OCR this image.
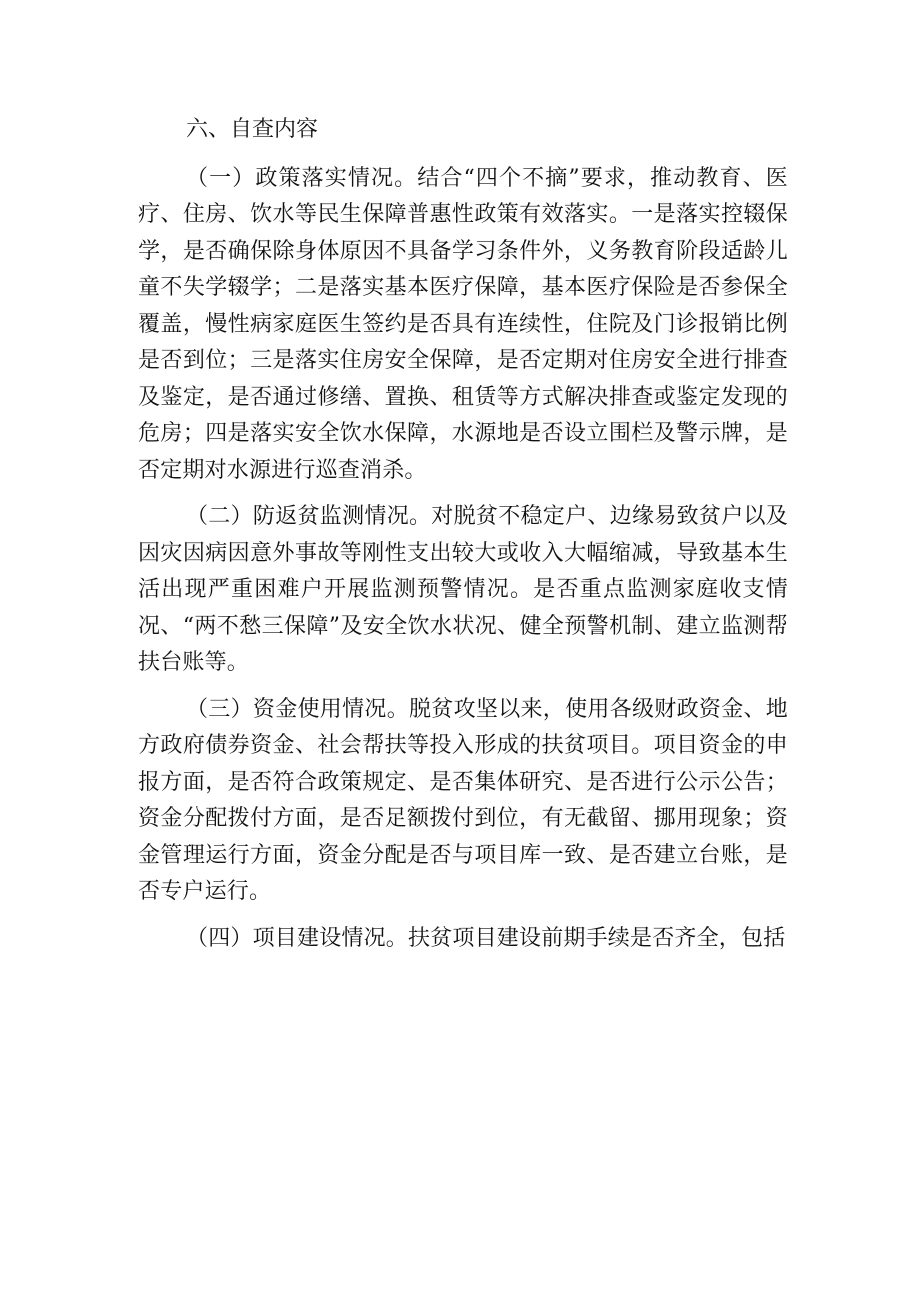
六、自查内容

（一）政策落实情况。结合“四个不摘”要求，推动教育、医疗、住房、饮水等民生保障普惠性政策有效落实。一是落实控辍保学，是否确保除身体原因不具备学习条件外，义务教育阶段适龄儿童不失学辍学；二是落实基本医疗保障，基本医疗保险是否参保全覆盖，慢性病家庭医生签约是否具有连续性，住院及门诊报销比例是否到位；三是落实住房安全保障，是否定期对住房安全进行排查及鉴定，是否通过修缮、置换、租赁等方式解决排查或鉴定发现的危房；四是落实安全饮水保障，水源地是否设立围栏及警示牌，是否定期对水源进行巡查消杀。

（二）防返贫监测情况。对脱贫不稳定户、边缘易致贫户以及因灾因病因意外事故等刚性支出较大或收入大幅缩减，导致基本生活出现严重困难户开展监测预警情况。是否重点监测家庭收支情况、“两不愁三保障”及安全饮水状况、健全预警机制、建立监测帮扶台账等。

（三）资金使用情况。脱贫攻坚以来，使用各级财政资金、地方政府债券资金、社会帮扶等投入形成的扶贫项目。项目资金的申报方面，是否符合政策规定、是否集体研究、是否进行公示公告；资金分配拨付方面，是否足额拨付到位，有无截留、挪用现象；资金管理运行方面，资金分配是否与项目库一致、是否建立台账，是否专户运行。

（四）项目建设情况。扶贫项目建设前期手续是否齐全，包括
